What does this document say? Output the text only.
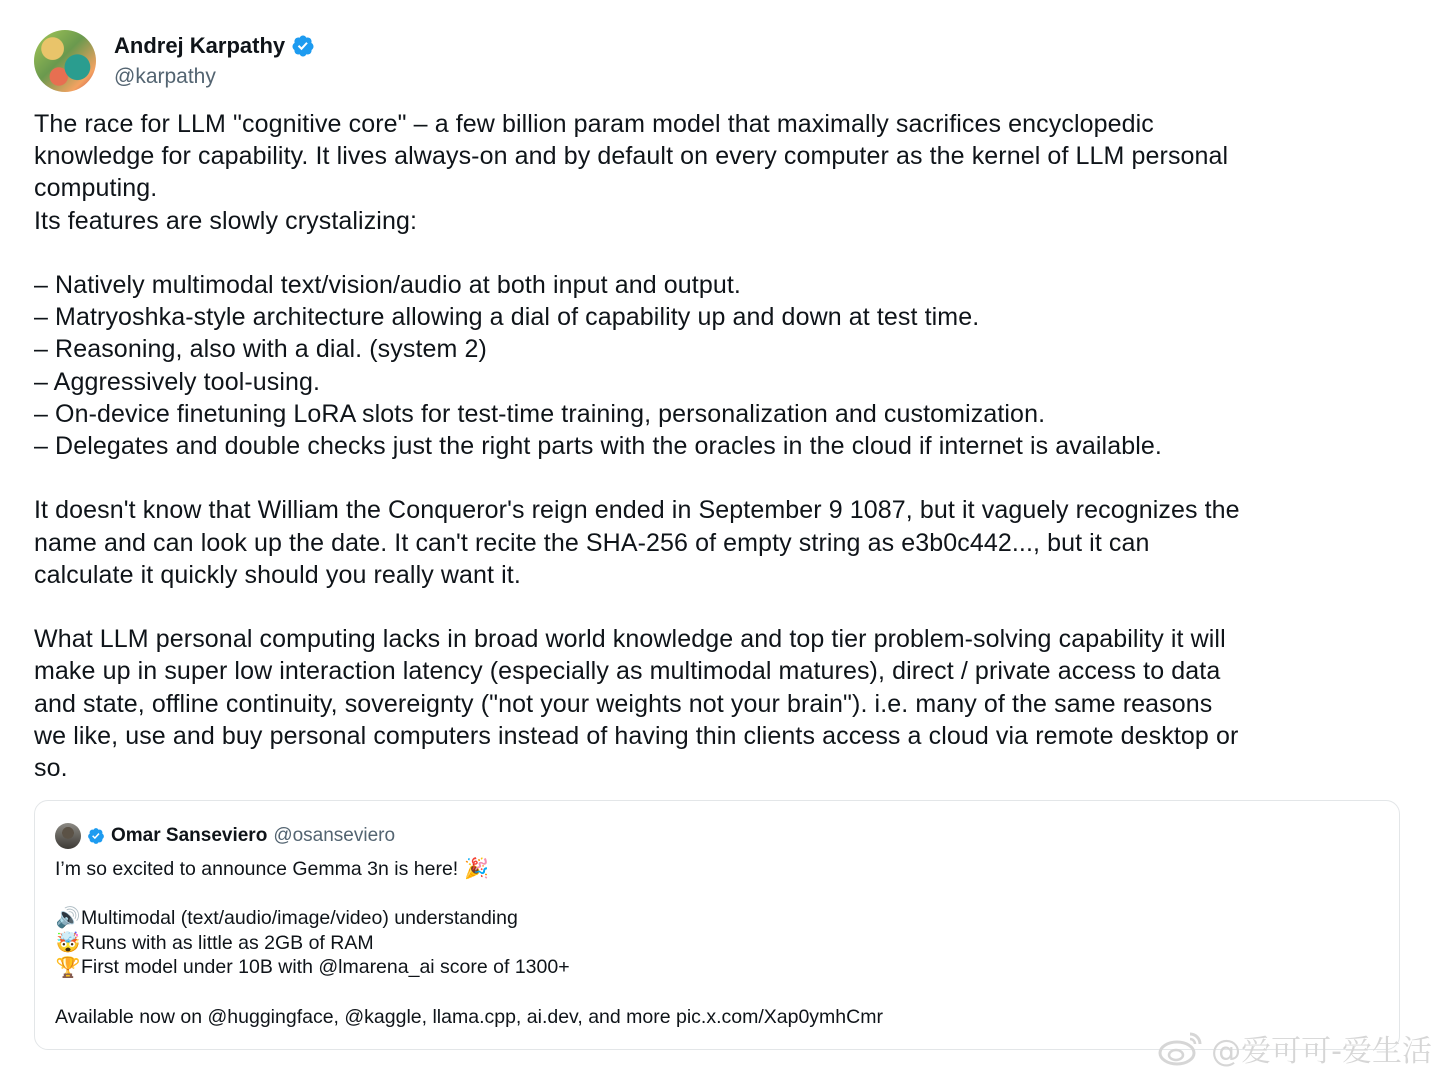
Andrej Karpathy
@karpathy

The race for LLM "cognitive core" – a few billion param model that maximally sacrifices encyclopedic

knowledge for capability. It lives always-on and by default on every computer as the kernel of LLM personal

computing.

Its features are slowly crystalizing:

– Natively multimodal text/vision/audio at both input and output.

– Matryoshka-style architecture allowing a dial of capability up and down at test time.

– Reasoning, also with a dial. (system 2)

– Aggressively tool-using.

– On-device finetuning LoRA slots for test-time training, personalization and customization.

– Delegates and double checks just the right parts with the oracles in the cloud if internet is available.

It doesn't know that William the Conqueror's reign ended in September 9 1087, but it vaguely recognizes the

name and can look up the date. It can't recite the SHA-256 of empty string as e3b0c442..., but it can

calculate it quickly should you really want it.

What LLM personal computing lacks in broad world knowledge and top tier problem-solving capability it will

make up in super low interaction latency (especially as multimodal matures), direct / private access to data

and state, offline continuity, sovereignty ("not your weights not your brain"). i.e. many of the same reasons

we like, use and buy personal computers instead of having thin clients access a cloud via remote desktop or

so.

Omar Sanseviero @osanseviero

I’m so excited to announce Gemma 3n is here!
🎉

🔊 Multimodal (text/audio/image/video) understanding

🤯 Runs with as little as 2GB of RAM

🏆 First model under 10B with @lmarena_ai score of 1300+

Available now on @huggingface, @kaggle, llama.cpp, ai.dev, and more pic.x.com/Xap0ymhCmr

@爱可可-爱生活
